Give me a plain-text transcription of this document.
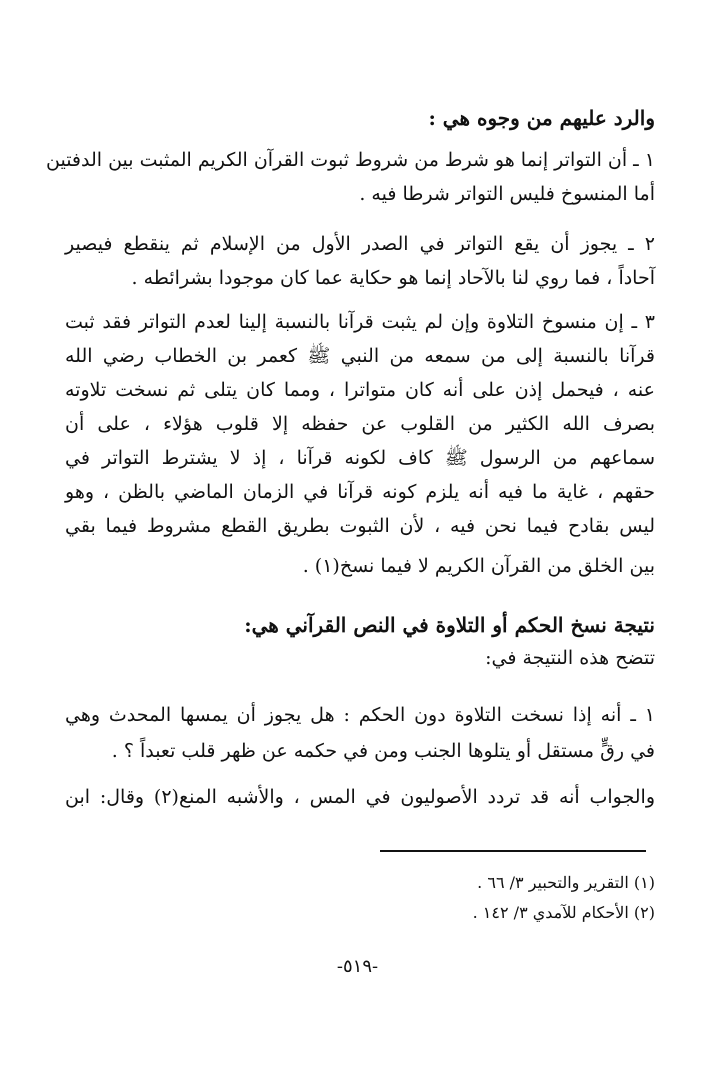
والرد عليهم من وجوه هي :
١ ـ أن التواتر إنما هو شرط من شروط ثبوت القرآن الكريم المثبت بين الدفتين
أما المنسوخ فليس التواتر شرطا فيه .
٢ ـ يجوز أن يقع التواتر في الصدر الأول من الإسلام ثم ينقطع فيصير
آحاداً ، فما روي لنا بالآحاد إنما هو حكاية عما كان موجودا بشرائطه .
٣ ـ إن منسوخ التلاوة وإن لم يثبت قرآنا بالنسبة إلينا لعدم التواتر فقد ثبت
قرآنا بالنسبة إلى من سمعه من النبي ﷺ كعمر بن الخطاب رضي الله
عنه ، فيحمل إذن على أنه كان متواترا ، ومما كان يتلى ثم نسخت تلاوته
بصرف الله الكثير من القلوب عن حفظه إلا قلوب هؤلاء ، على أن
سماعهم من الرسول ﷺ كاف لكونه قرآنا ، إذ لا يشترط التواتر في
حقهم ، غاية ما فيه أنه يلزم كونه قرآنا في الزمان الماضي بالظن ، وهو
ليس بقادح فيما نحن فيه ، لأن الثبوت بطريق القطع مشروط فيما بقي
بين الخلق من القرآن الكريم لا فيما نسخ(١) .
نتيجة نسخ الحكم أو التلاوة في النص القرآني هي:
تتضح هذه النتيجة في:
١ ـ أنه إذا نسخت التلاوة دون الحكم : هل يجوز أن يمسها المحدث وهي
في رقٍّ مستقل أو يتلوها الجنب ومن في حكمه عن ظهر قلب تعبداً ؟ .
والجواب أنه قد تردد الأصوليون في المس ، والأشبه المنع(٢) وقال: ابن
(١) التقرير والتحبير ٣/ ٦٦ .
(٢) الأحكام للآمدي ٣/ ١٤٢ .
-٥١٩-
